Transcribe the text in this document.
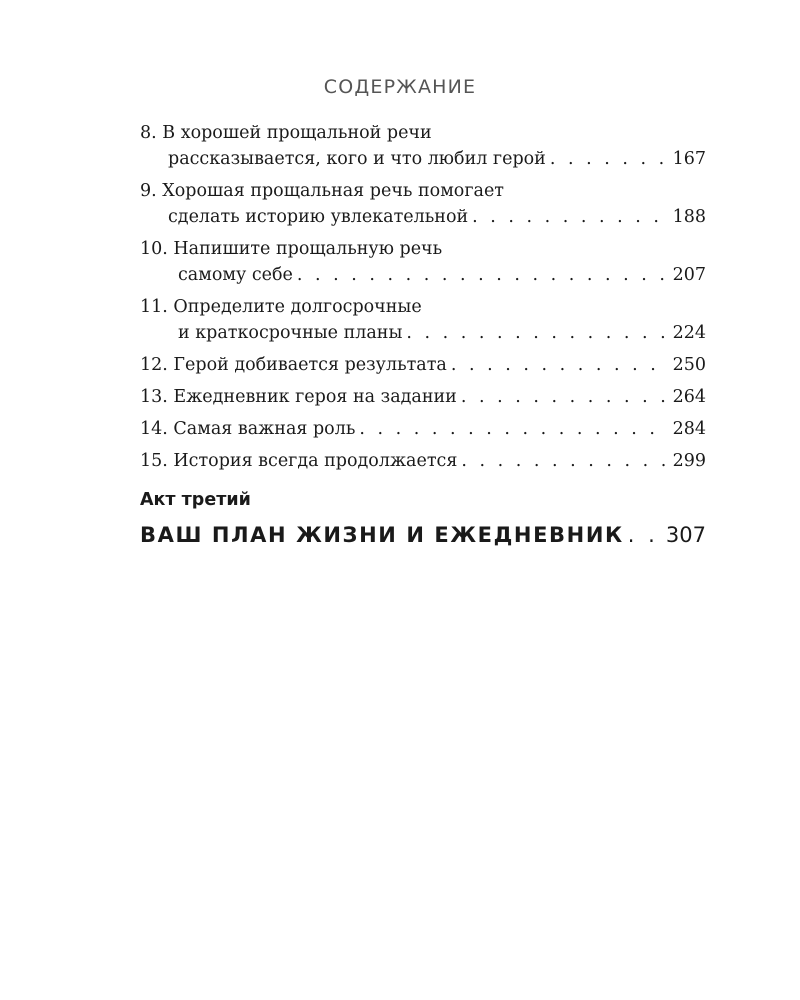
СОДЕРЖАНИЕ
8. В хорошей прощальной речи
рассказывается, кого и что любил герой . . .	167
9. Хорошая прощальная речь помогает
сделать историю увлекательной . . .	188
10. Напишите прощальную речь
самому себе . . .	207
11. Определите долгосрочные
и краткосрочные планы . . .	224
12. Герой добивается результата . . .	250
13. Ежедневник героя на задании . . .	264
14. Самая важная роль . . .	284
15. История всегда продолжается . . .	299
Акт третий
ВАШ ПЛАН ЖИЗНИ И ЕЖЕДНЕВНИК . . . 307
